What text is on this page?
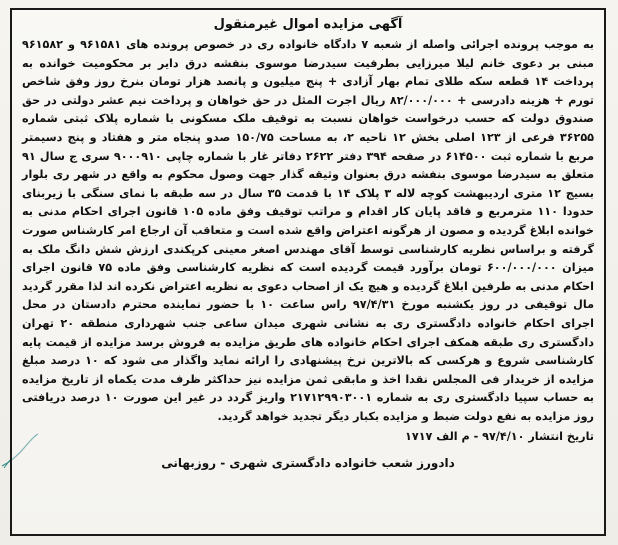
آگهی مزایده اموال غیرمنقول

به موجب پرونده اجرائی واصله از شعبه ۷ دادگاه خانواده ری در خصوص پرونده های ۹۶۱۵۸۱ و ۹۶۱۵۸۲ مبنی بر دعوی خانم لیلا میرزایی بطرفیت سیدرضا موسوی بنفشه درق دایر بر محکومیت خوانده به پرداخت ۱۴ قطعه سکه طلای تمام بهار آزادی + پنج میلیون و پانصد هزار تومان بنرخ روز وفق شاخص تورم + هزینه دادرسی + ۸۲/۰۰۰/۰۰۰ ریال اجرت المثل در حق خواهان و پرداخت نیم عشر دولتی در حق صندوق دولت که حسب درخواست خواهان نسبت به توقیف ملک مسکونی با شماره پلاک ثبتی شماره ۳۶۲۵۵ فرعی از ۱۲۳ اصلی بخش ۱۲ ناحیه ۲، به مساحت ۱۵۰/۷۵ صدو پنجاه متر و هفتاد و پنج دسیمتر مربع با شماره ثبت ۶۱۴۵۰۰ در صفحه ۳۹۴ دفتر ۲۶۲۲ دفاتر غار با شماره چاپی ۹۰۰۰۹۱۰ سری ج سال ۹۱ متعلق به سیدرضا موسوی بنفشه درق بعنوان وثیقه گذار جهت وصول محکوم به واقع در شهر ری بلوار بسیج ۱۲ متری اردیبهشت کوچه لاله ۳ پلاک ۱۴ با قدمت ۳۵ سال در سه طبقه با نمای سنگی با زیربنای حدودا ۱۱۰ مترمربع و فاقد پایان کار اقدام و مراتب توقیف وفق ماده ۱۰۵ قانون اجرای احکام مدنی به خوانده ابلاغ گردیده و مصون از هرگونه اعتراض واقع شده است و متعاقب آن ارجاع امر کارشناس صورت گرفته و براساس نظریه کارشناسی توسط آقای مهندس اصغر معینی کرپکندی ارزش شش دانگ ملک به میزان ۶۰۰/۰۰۰/۰۰۰ تومان برآورد قیمت گردیده است که نظریه کارشناسی وفق ماده ۷۵ قانون اجرای احکام مدنی به طرفین ابلاغ گردیده و هیچ یک از اصحاب دعوی به نظریه اعتراض نکرده اند لذا مقرر گردید مال توقیفی در روز یکشنبه مورخ ۹۷/۴/۳۱ راس ساعت ۱۰ با حضور نماینده محترم دادستان در محل اجرای احکام خانواده دادگستری ری به نشانی شهری میدان ساعی جنب شهرداری منطقه ۲۰ تهران دادگستری ری طبقه همکف اجرای احکام خانواده های طریق مزایده به فروش برسد مزایده از قیمت پایه کارشناسی شروع و هرکسی که بالاترین نرخ پیشنهادی را ارائه نماید واگذار می شود که ۱۰ درصد مبلغ مزایده از خریدار فی المجلس نقدا اخذ و مابقی ثمن مزایده نیز حداکثر ظرف مدت یکماه از تاریخ مزایده به حساب سپیا دادگستری ری به شماره ۲۱۷۱۲۹۹۰۳۰۰۱ واریز گردد در غیر این صورت ۱۰ درصد دریافتی روز مزایده به نفع دولت ضبط و مزایده بکبار دیگر تجدید خواهد گردید.

تاریخ انتشار ۹۷/۴/۱۰ - م الف ۱۷۱۷
دادورز شعب خانواده دادگستری شهری - روزبهانی
